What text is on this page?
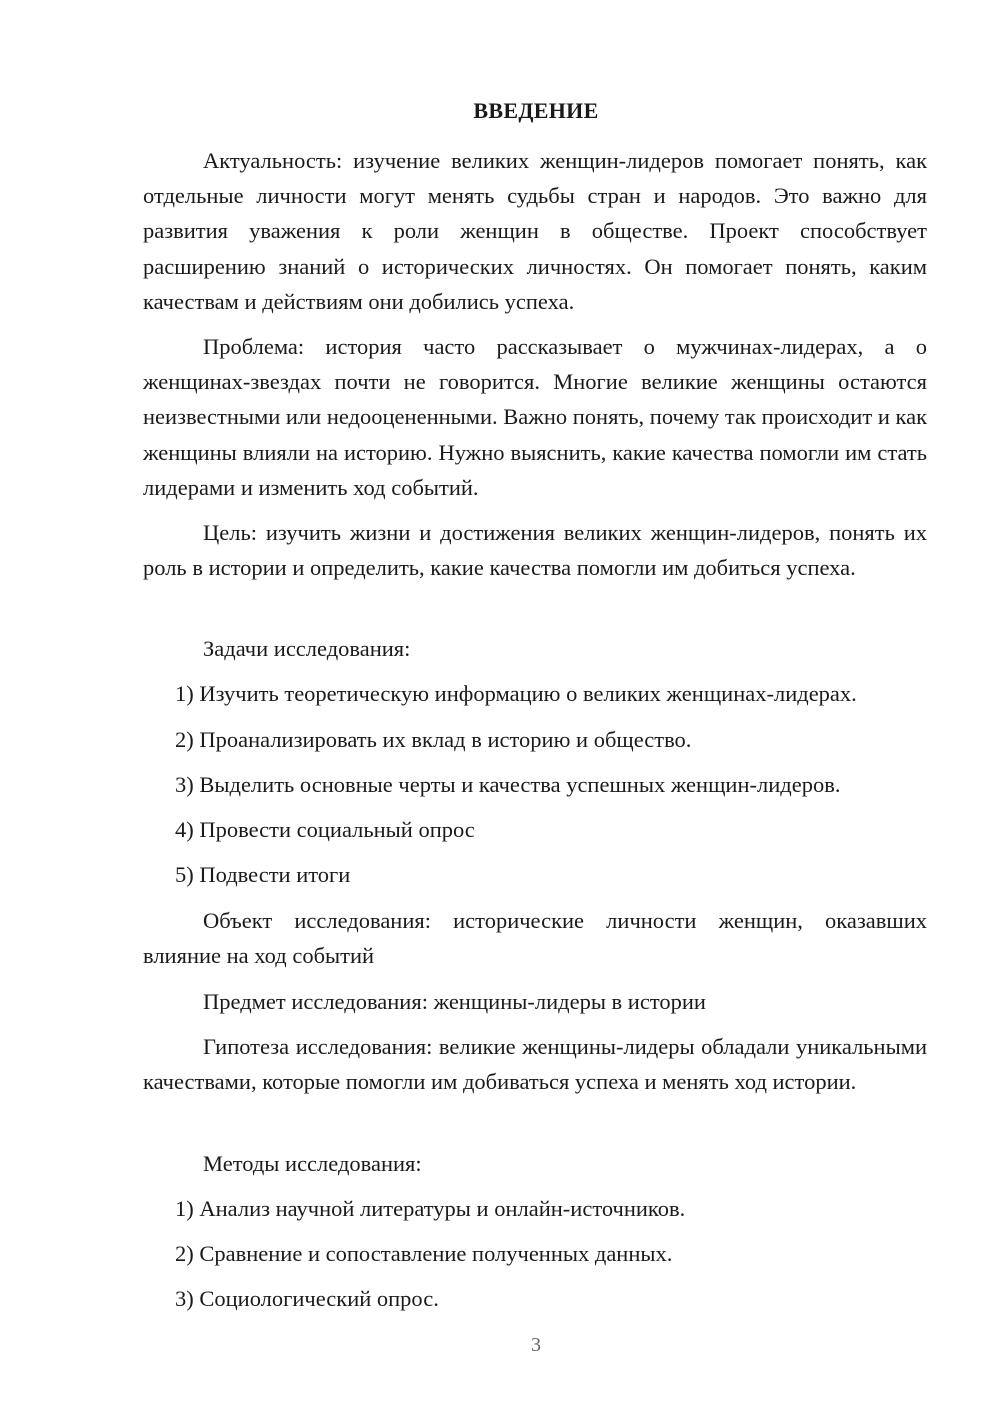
ВВЕДЕНИЕ

Актуальность: изучение великих женщин-лидеров помогает понять, как отдельные личности могут менять судьбы стран и народов. Это важно для развития уважения к роли женщин в обществе. Проект способствует расширению знаний о исторических личностях. Он помогает понять, каким качествам и действиям они добились успеха.

Проблема: история часто рассказывает о мужчинах-лидерах, а о женщинах-звездах почти не говорится. Многие великие женщины остаются неизвестными или недооцененными. Важно понять, почему так происходит и как женщины влияли на историю. Нужно выяснить, какие качества помогли им стать лидерами и изменить ход событий.

Цель: изучить жизни и достижения великих женщин-лидеров, понять их роль в истории и определить, какие качества помогли им добиться успеха.

Задачи исследования:

1) Изучить теоретическую информацию о великих женщинах-лидерах.

2) Проанализировать их вклад в историю и общество.

3) Выделить основные черты и качества успешных женщин-лидеров.

4) Провести социальный опрос

5) Подвести итоги

Объект исследования: исторические личности женщин, оказавших влияние на ход событий

Предмет исследования: женщины-лидеры в истории

Гипотеза исследования: великие женщины-лидеры обладали уникальными качествами, которые помогли им добиваться успеха и менять ход истории.

Методы исследования:

1) Анализ научной литературы и онлайн-источников.

2) Сравнение и сопоставление полученных данных.

3) Социологический опрос.

3
